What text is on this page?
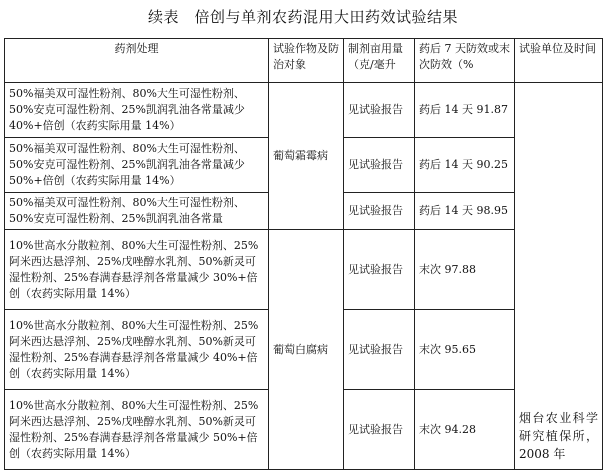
续表　倍创与单剂农药混用大田药效试验结果
药剂处理	试验作物及防治对象	制剂亩用量（克/毫升	药后 7 天防效或末次防效（%	试验单位及时间
50%福美双可湿性粉剂、80%大生可湿性粉剂、50%安克可湿性粉剂、25%凯润乳油各常量减少 40%+倍创（农药实际用量 14%）	葡萄霜霉病	见试验报告	药后 14 天 91.87	烟台农业科学研究植保所，2008 年
50%福美双可湿性粉剂、80%大生可湿性粉剂、50%安克可湿性粉剂、25%凯润乳油各常量减少 50%+倍创（农药实际用量 14%）		见试验报告	药后 14 天 90.25	
50%福美双可湿性粉剂、80%大生可湿性粉剂、50%安克可湿性粉剂、25%凯润乳油各常量		见试验报告	药后 14 天 98.95	
10%世高水分散粒剂、80%大生可湿性粉剂、25%阿米西达悬浮剂、25%戊唑醇水乳剂、50%新灵可湿性粉剂、25%春满春悬浮剂各常量减少 30%+倍创（农药实际用量 14%）	葡萄白腐病	见试验报告	末次 97.88	
10%世高水分散粒剂、80%大生可湿性粉剂、25%阿米西达悬浮剂、25%戊唑醇水乳剂、50%新灵可湿性粉剂、25%春满春悬浮剂各常量减少 40%+倍创（农药实际用量 14%）		见试验报告	末次 95.65	
10%世高水分散粒剂、80%大生可湿性粉剂、25%阿米西达悬浮剂、25%戊唑醇水乳剂、50%新灵可湿性粉剂、25%春满春悬浮剂各常量减少 50%+倍创（农药实际用量 14%）		见试验报告	末次 94.28	
